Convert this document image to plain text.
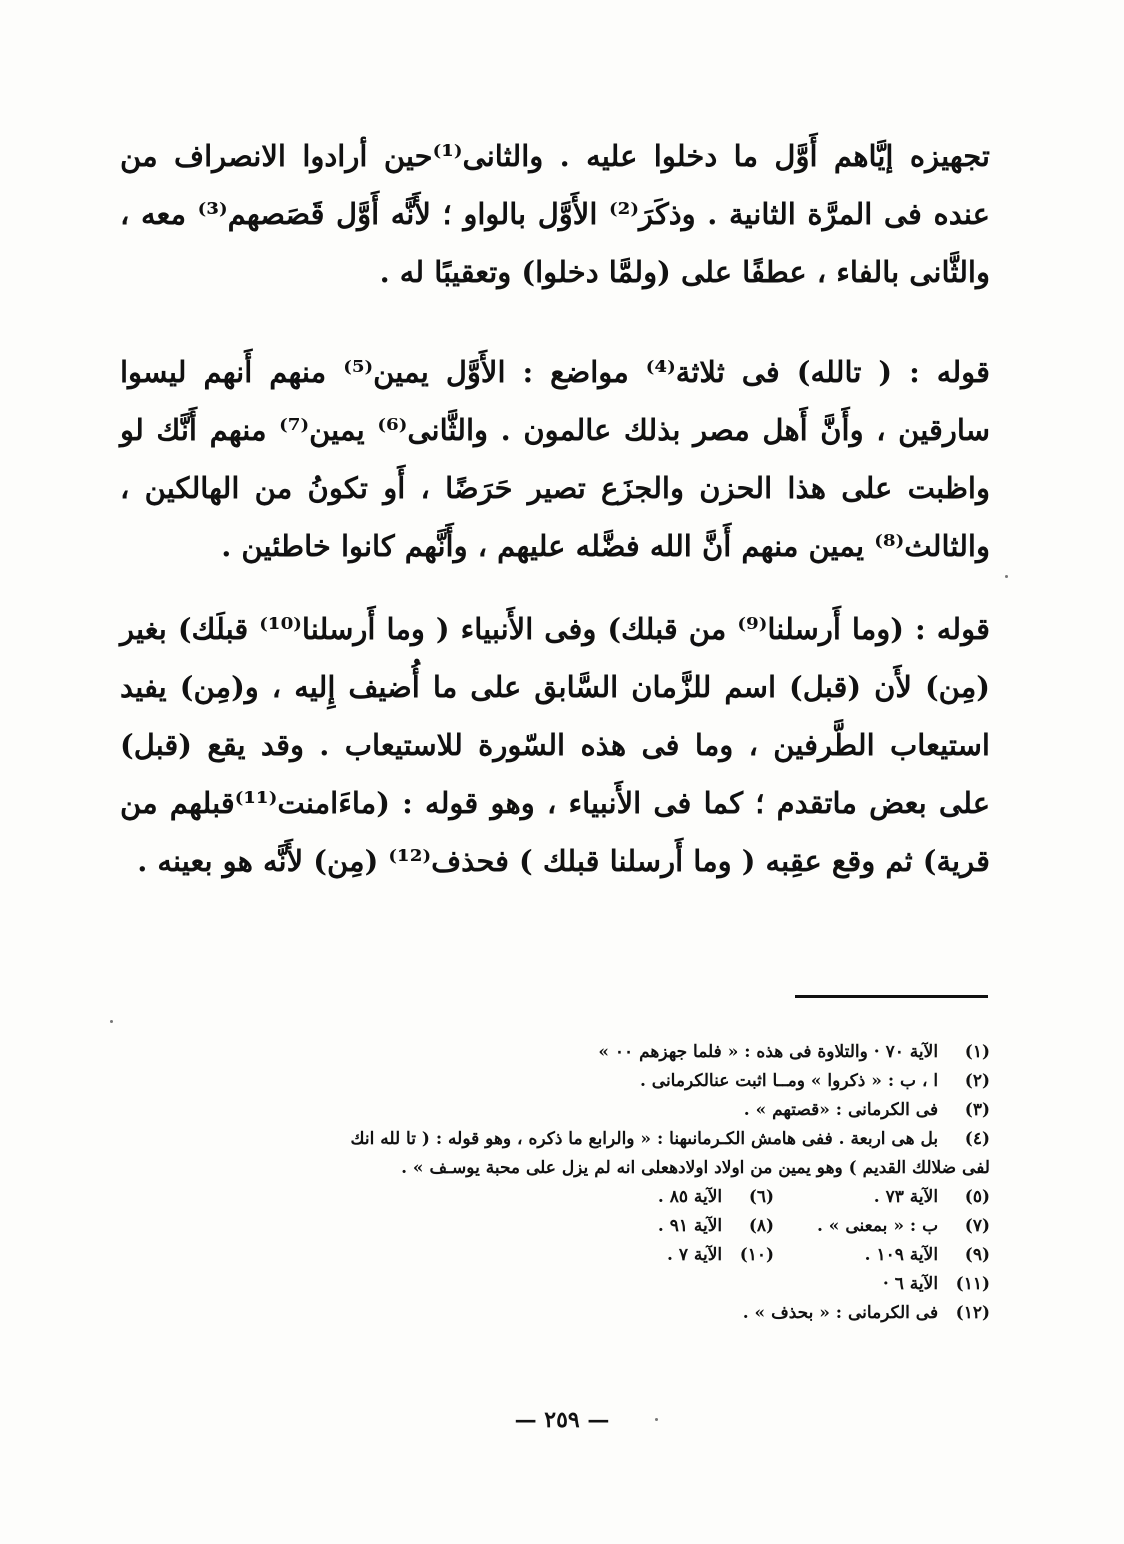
تجهيزه إيَّاهم أَوَّل ما دخلوا عليه . والثانى⁽¹⁾حين أرادوا الانصراف من عنده فى المرَّة الثانية . وذكَرَ⁽²⁾ الأَوَّل بالواو ؛ لأَنَّه أَوَّل قَصَصهم⁽³⁾ معه ، والثَّانى بالفاء ، عطفًا على (ولمَّا دخلوا) وتعقيبًا له .

قوله : ( تالله) فى ثلاثة⁽⁴⁾ مواضع : الأَوَّل يمين⁽⁵⁾ منهم أَنهم ليسوا سارقين ، وأَنَّ أَهل مصر بذلك عالمون . والثَّانى⁽⁶⁾ يمين⁽⁷⁾ منهم أَنَّك لو واظبت على هذا الحزن والجزَع تصير حَرَضًا ، أَو تكونُ من الهالكين ، والثالث⁽⁸⁾ يمين منهم أَنَّ الله فضَّله عليهم ، وأَنَّهم كانوا خاطئين .

قوله : (وما أَرسلنا⁽⁹⁾ من قبلك) وفى الأَنبياء ( وما أَرسلنا⁽¹⁰⁾ قبلَك) بغير (مِن) لأَن (قبل) اسم للزَّمان السَّابق على ما أُضيف إِليه ، و(مِن) يفيد استيعاب الطَّرفين ، وما فى هذه السّورة للاستيعاب . وقد يقع (قبل) على بعض ماتقدم ؛ كما فى الأَنبياء ، وهو قوله : (ماءَامنت⁽¹¹⁾قبلهم من قرية) ثم وقع عقِبه ( وما أَرسلنا قبلك ) فحذف⁽¹²⁾ (مِن) لأَنَّه هو بعينه .

(١) الآية ٧٠ · والتلاوة فى هذه : « فلما جهزهم ٠٠ »
(٢) ا ، ب : « ذكروا » ومــا اثبت عنالكرمانى .
(٣) فى الكرمانى : «قصتهم » .
(٤) بل هى اربعة . ففى هامش الكـرمانىهنا : « والرابع ما ذكره ، وهو قوله : ( تا لله انك
لفى ضلالك القديم ) وهو يمين من اولاد اولادهعلى انه لم يزل على محبة يوسـف » .
(٥) الآية ٧٣ . (٦) الآية ٨٥ .
(٧) ب : « بمعنى » . (٨) الآية ٩١ .
(٩) الآية ١٠٩ . (١٠) الآية ٧ .
(١١) الآية ٦ ·
(١٢) فى الكرمانى : « بحذف » .
— ٢٥٩ —
